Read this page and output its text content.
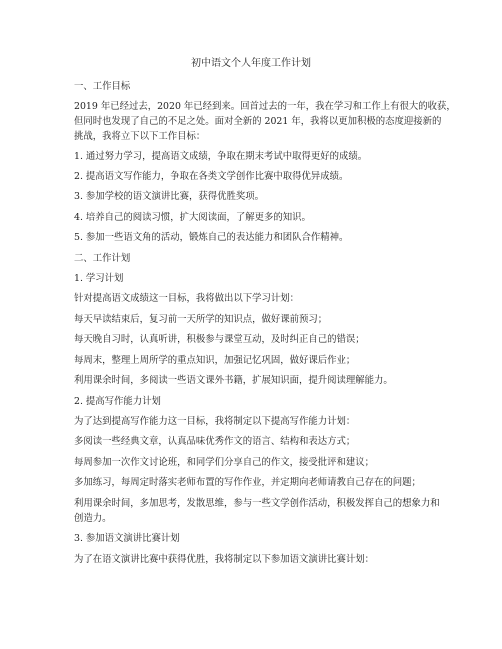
初中语文个人年度工作计划
一、工作目标
2019 年已经过去，2020 年已经到来。回首过去的一年，我在学习和工作上有很大的收获，
但同时也发现了自己的不足之处。面对全新的 2021 年，我将以更加积极的态度迎接新的
挑战，我将立下以下工作目标：
1. 通过努力学习，提高语文成绩，争取在期末考试中取得更好的成绩。
2. 提高语文写作能力，争取在各类文学创作比赛中取得优异成绩。
3. 参加学校的语文演讲比赛，获得优胜奖项。
4. 培养自己的阅读习惯，扩大阅读面，了解更多的知识。
5. 参加一些语文角的活动，锻炼自己的表达能力和团队合作精神。
二、工作计划
1. 学习计划
针对提高语文成绩这一目标，我将做出以下学习计划：
每天早读结束后，复习前一天所学的知识点，做好课前预习；
每天晚自习时，认真听讲，积极参与课堂互动，及时纠正自己的错误；
每周末，整理上周所学的重点知识，加强记忆巩固，做好课后作业；
利用课余时间，多阅读一些语文课外书籍，扩展知识面，提升阅读理解能力。
2. 提高写作能力计划
为了达到提高写作能力这一目标，我将制定以下提高写作能力计划：
多阅读一些经典文章，认真品味优秀作文的语言、结构和表达方式；
每周参加一次作文讨论班，和同学们分享自己的作文，接受批评和建议；
多加练习，每周定时落实老师布置的写作作业，并定期向老师请教自己存在的问题；
利用课余时间，多加思考，发散思维，参与一些文学创作活动，积极发挥自己的想象力和
创造力。
3. 参加语文演讲比赛计划
为了在语文演讲比赛中获得优胜，我将制定以下参加语文演讲比赛计划：
